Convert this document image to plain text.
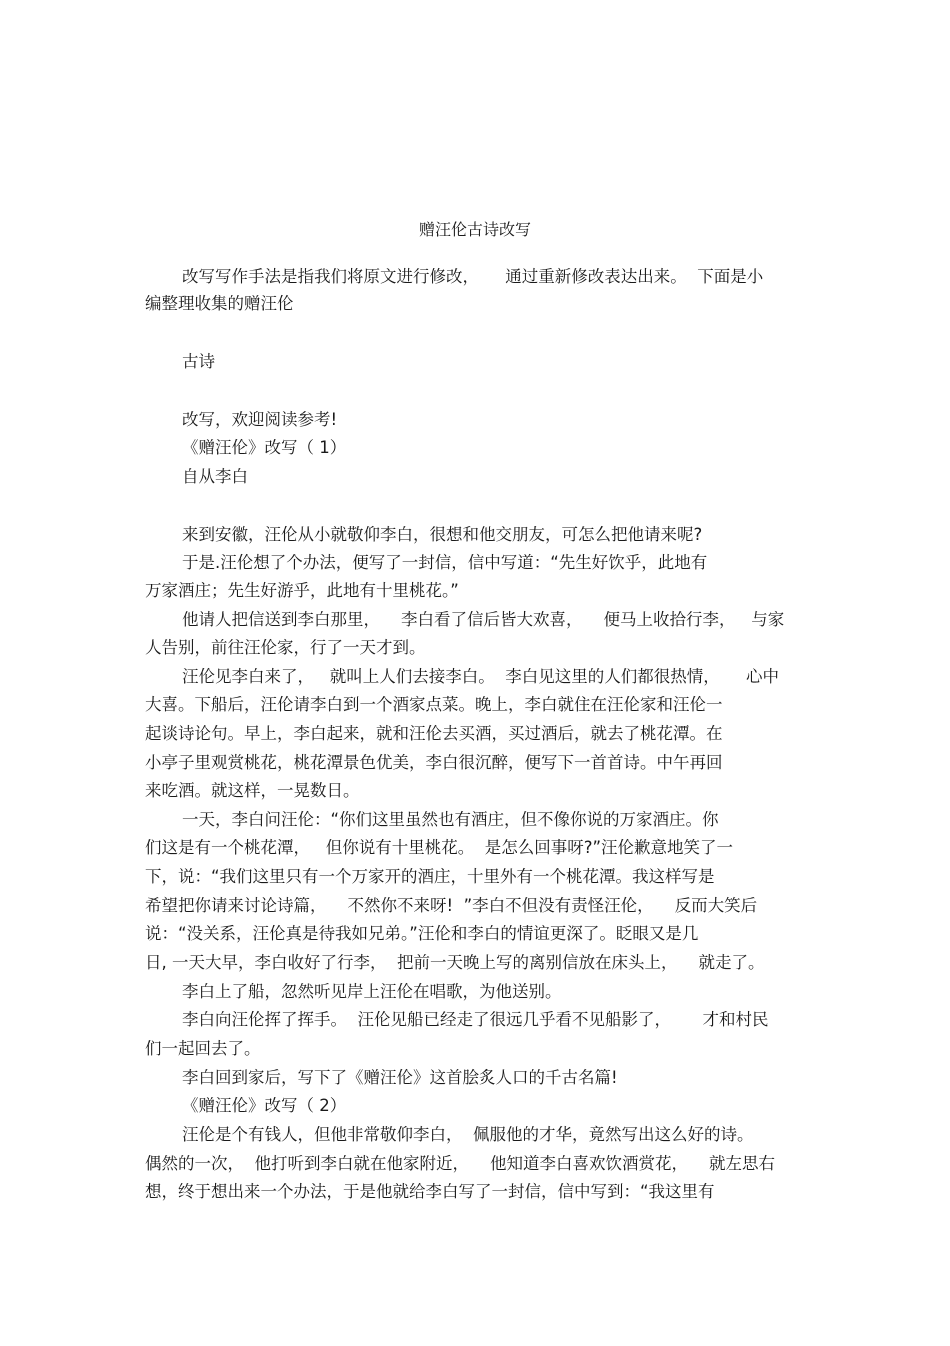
赠汪伦古诗改写
改写写作手法是指我们将原文进行修改，     通过重新修改表达出来。  下面是小
编整理收集的赠汪伦
古诗
改写，欢迎阅读参考!
《赠汪伦》改写（ 1）
自从李白
来到安徽，汪伦从小就敬仰李白，很想和他交朋友，可怎么把他请来呢?
于是.汪伦想了个办法，便写了一封信，信中写道：“先生好饮乎，此地有
万家酒庄；先生好游乎，此地有十里桃花。”
他请人把信送到李白那里，    李白看了信后皆大欢喜，    便马上收拾行李，   与家
人告别，前往汪伦家，行了一天才到。
汪伦见李白来了，   就叫上人们去接李白。  李白见这里的人们都很热情，     心中
大喜。下船后，汪伦请李白到一个酒家点菜。晚上，李白就住在汪伦家和汪伦一
起谈诗论句。早上，李白起来，就和汪伦去买酒，买过酒后，就去了桃花潭。在
小亭子里观赏桃花，桃花潭景色优美，李白很沉醉，便写下一首首诗。中午再回
来吃酒。就这样，一晃数日。
一天，李白问汪伦：“你们这里虽然也有酒庄，但不像你说的万家酒庄。你
们这是有一个桃花潭，   但你说有十里桃花。  是怎么回事呀?”汪伦歉意地笑了一
下，说：“我们这里只有一个万家开的酒庄，十里外有一个桃花潭。我这样写是
希望把你请来讨论诗篇，    不然你不来呀!  ”李白不但没有责怪汪伦，    反而大笑后
说：“没关系，汪伦真是待我如兄弟。”汪伦和李白的情谊更深了。眨眼又是几
日, 一天大早，李白收好了行李，  把前一天晚上写的离别信放在床头上，    就走了。
李白上了船，忽然听见岸上汪伦在唱歌，为他送别。
李白向汪伦挥了挥手。  汪伦见船已经走了很远几乎看不见船影了，      才和村民
们一起回去了。
李白回到家后，写下了《赠汪伦》这首脍炙人口的千古名篇!
《赠汪伦》改写（ 2）
汪伦是个有钱人，但他非常敬仰李白，  佩服他的才华，竟然写出这么好的诗。
偶然的一次，  他打听到李白就在他家附近，    他知道李白喜欢饮酒赏花，    就左思右
想，终于想出来一个办法，于是他就给李白写了一封信，信中写到：“我这里有
